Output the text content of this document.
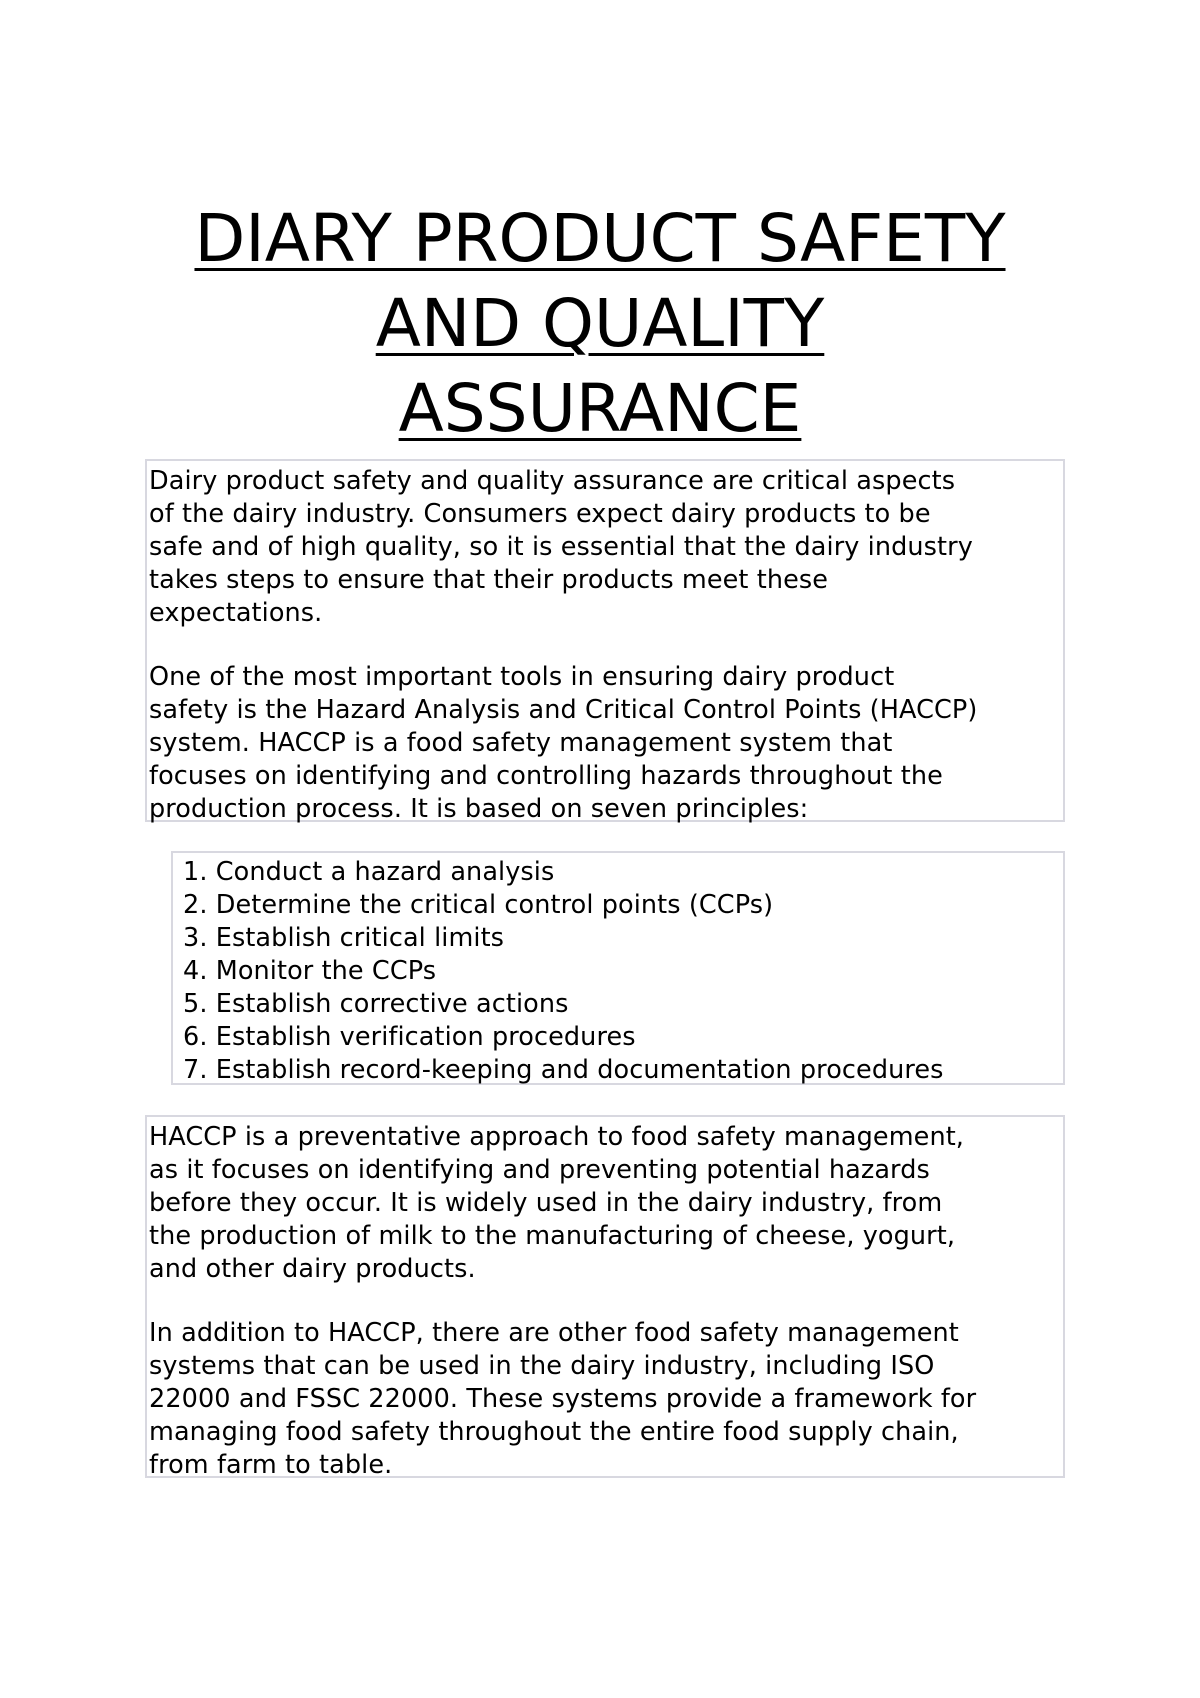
DIARY PRODUCT SAFETY
AND QUALITY
ASSURANCE

Dairy product safety and quality assurance are critical aspects
of the dairy industry. Consumers expect dairy products to be
safe and of high quality, so it is essential that the dairy industry
takes steps to ensure that their products meet these
expectations.

One of the most important tools in ensuring dairy product
safety is the Hazard Analysis and Critical Control Points (HACCP)
system. HACCP is a food safety management system that
focuses on identifying and controlling hazards throughout the
production process. It is based on seven principles:

1. Conduct a hazard analysis
2. Determine the critical control points (CCPs)
3. Establish critical limits
4. Monitor the CCPs
5. Establish corrective actions
6. Establish verification procedures
7. Establish record-keeping and documentation procedures

HACCP is a preventative approach to food safety management,
as it focuses on identifying and preventing potential hazards
before they occur. It is widely used in the dairy industry, from
the production of milk to the manufacturing of cheese, yogurt,
and other dairy products.

In addition to HACCP, there are other food safety management
systems that can be used in the dairy industry, including ISO
22000 and FSSC 22000. These systems provide a framework for
managing food safety throughout the entire food supply chain,
from farm to table.
